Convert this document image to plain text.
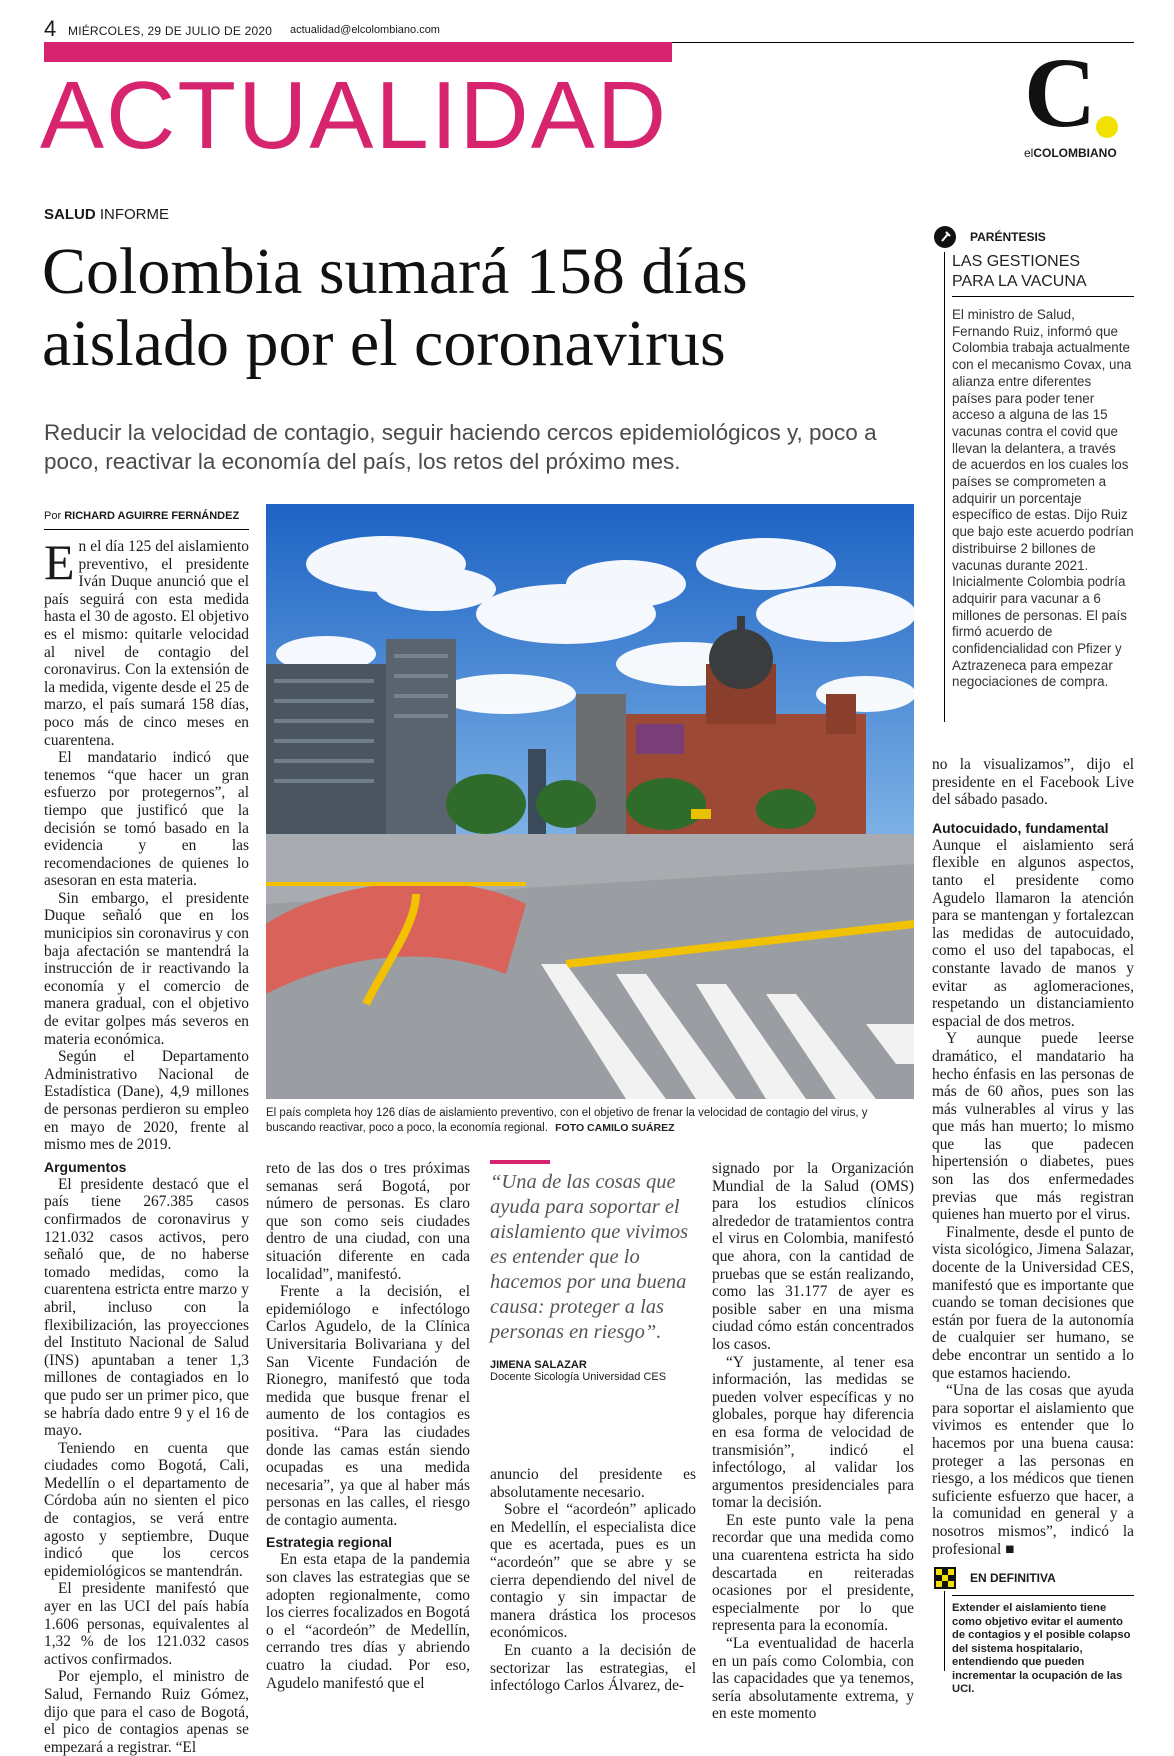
4 MIÉRCOLES, 29 DE JULIO DE 2020 actualidad@elcolombiano.com
ACTUALIDAD	C
elCOLOMBIANO
SALUD INFORME
Colombia sumará 158 días
aislado por el coronavirus
Reducir la velocidad de contagio, seguir haciendo cercos epidemiológicos y, poco a poco, reactivar la economía del país, los retos del próximo mes.
Por RICHARD AGUIRRE FERNÁNDEZ

En el día 125 del aislamiento preventivo, el presidente Iván Duque anunció que el país seguirá con esta medida hasta el 30 de agosto. El objetivo es el mismo: quitarle velocidad al nivel de contagio del coronavirus. Con la extensión de la medida, vigente desde el 25 de marzo, el país sumará 158 días, poco más de cinco meses en cuarentena.

El mandatario indicó que tenemos “que hacer un gran esfuerzo por protegernos”, al tiempo que justificó que la decisión se tomó basado en la evidencia y en las recomendaciones de quienes lo asesoran en esta materia.

Sin embargo, el presidente Duque señaló que en los municipios sin coronavirus y con baja afectación se mantendrá la instrucción de ir reactivando la economía y el comercio de manera gradual, con el objetivo de evitar golpes más severos en materia económica.

Según el Departamento Administrativo Nacional de Estadística (Dane), 4,9 millones de personas perdieron su empleo en mayo de 2020, frente al mismo mes de 2019.

Argumentos

El presidente destacó que el país tiene 267.385 casos confirmados de coronavirus y 121.032 casos activos, pero señaló que, de no haberse tomado medidas, como la cuarentena estricta entre marzo y abril, incluso con la flexibilización, las proyecciones del Instituto Nacional de Salud (INS) apuntaban a tener 1,3 millones de contagiados en lo que pudo ser un primer pico, que se habría dado entre 9 y el 16 de mayo.

Teniendo en cuenta que ciudades como Bogotá, Cali, Medellín o el departamento de Córdoba aún no sienten el pico de contagios, se verá entre agosto y septiembre, Duque indicó que los cercos epidemiológicos se mantendrán.

El presidente manifestó que ayer en las UCI del país había 1.606 personas, equivalentes al 1,32 % de los 121.032 casos activos confirmados.

Por ejemplo, el ministro de Salud, Fernando Ruiz Gómez, dijo que para el caso de Bogotá, el pico de contagios apenas se empezará a registrar. “El

El país completa hoy 126 días de aislamiento preventivo, con el objetivo de frenar la velocidad de contagio del virus, y buscando reactivar, poco a poco, la economía regional. FOTO CAMILO SUÁREZ

reto de las dos o tres próximas semanas será Bogotá, por número de personas. Es claro que son como seis ciudades dentro de una ciudad, con una situación diferente en cada localidad”, manifestó.

Frente a la decisión, el epidemiólogo e infectólogo Carlos Agudelo, de la Clínica Universitaria Bolivariana y del San Vicente Fundación de Rionegro, manifestó que toda medida que busque frenar el aumento de los contagios es positiva. “Para las ciudades donde las camas están siendo ocupadas es una medida necesaria”, ya que al haber más personas en las calles, el riesgo de contagio aumenta.

Estrategia regional

En esta etapa de la pandemia son claves las estrategias que se adopten regionalmente, como los cierres focalizados en Bogotá o el “acordeón” de Medellín, cerrando tres días y abriendo cuatro la ciudad. Por eso, Agudelo manifestó que el

“Una de las cosas que ayuda para soportar el aislamiento que vivimos es entender que lo hacemos por una buena causa: proteger a las personas en riesgo”.
JIMENA SALAZAR
Docente Sicología Universidad CES

anuncio del presidente es absolutamente necesario.

Sobre el “acordeón” aplicado en Medellín, el especialista dice que es acertada, pues es un “acordeón” que se abre y se cierra dependiendo del nivel de contagio y sin impactar de manera drástica los procesos económicos.

En cuanto a la decisión de sectorizar las estrategias, el infectólogo Carlos Álvarez, de-

signado por la Organización Mundial de la Salud (OMS) para los estudios clínicos alrededor de tratamientos contra el virus en Colombia, manifestó que ahora, con la cantidad de pruebas que se están realizando, como las 31.177 de ayer es posible saber en una misma ciudad cómo están concentrados los casos.

“Y justamente, al tener esa información, las medidas se pueden volver específicas y no globales, porque hay diferencia en esa forma de velocidad de transmisión”, indicó el infectólogo, al validar los argumentos presidenciales para tomar la decisión.

En este punto vale la pena recordar que una medida como una cuarentena estricta ha sido descartada en reiteradas ocasiones por el presidente, especialmente por lo que representa para la economía.

“La eventualidad de hacerla en un país como Colombia, con las capacidades que ya tenemos, sería absolutamente extrema, y en este momento

PARÉNTESIS
LAS GESTIONES
PARA LA VACUNA
El ministro de Salud, Fernando Ruiz, informó que Colombia trabaja actualmente con el mecanismo Covax, una alianza entre diferentes países para poder tener acceso a alguna de las 15 vacunas contra el covid que llevan la delantera, a través de acuerdos en los cuales los países se comprometen a adquirir un porcentaje específico de estas. Dijo Ruiz que bajo este acuerdo podrían distribuirse 2 billones de vacunas durante 2021. Inicialmente Colombia podría adquirir para vacunar a 6 millones de personas. El país firmó acuerdo de confidencialidad con Pfizer y Aztrazeneca para empezar negociaciones de compra.

no la visualizamos”, dijo el presidente en el Facebook Live del sábado pasado.

Autocuidado, fundamental

Aunque el aislamiento será flexible en algunos aspectos, tanto el presidente como Agudelo llamaron la atención para se mantengan y fortalezcan las medidas de autocuidado, como el uso del tapabocas, el constante lavado de manos y evitar as aglomeraciones, respetando un distanciamiento espacial de dos metros.

Y aunque puede leerse dramático, el mandatario ha hecho énfasis en las personas de más de 60 años, pues son las más vulnerables al virus y las que más han muerto; lo mismo que las que padecen hipertensión o diabetes, pues son las dos enfermedades previas que más registran quienes han muerto por el virus.

Finalmente, desde el punto de vista sicológico, Jimena Salazar, docente de la Universidad CES, manifestó que es importante que cuando se toman decisiones que están por fuera de la autonomía de cualquier ser humano, se debe encontrar un sentido a lo que estamos haciendo.

“Una de las cosas que ayuda para soportar el aislamiento que vivimos es entender que lo hacemos por una buena causa: proteger a las personas en riesgo, a los médicos que tienen suficiente esfuerzo que hacer, a la comunidad en general y a nosotros mismos”, indicó la profesional ■

EN DEFINITIVA
Extender el aislamiento tiene como objetivo evitar el aumento de contagios y el posible colapso del sistema hospitalario, entendiendo que pueden incrementar la ocupación de las UCI.
